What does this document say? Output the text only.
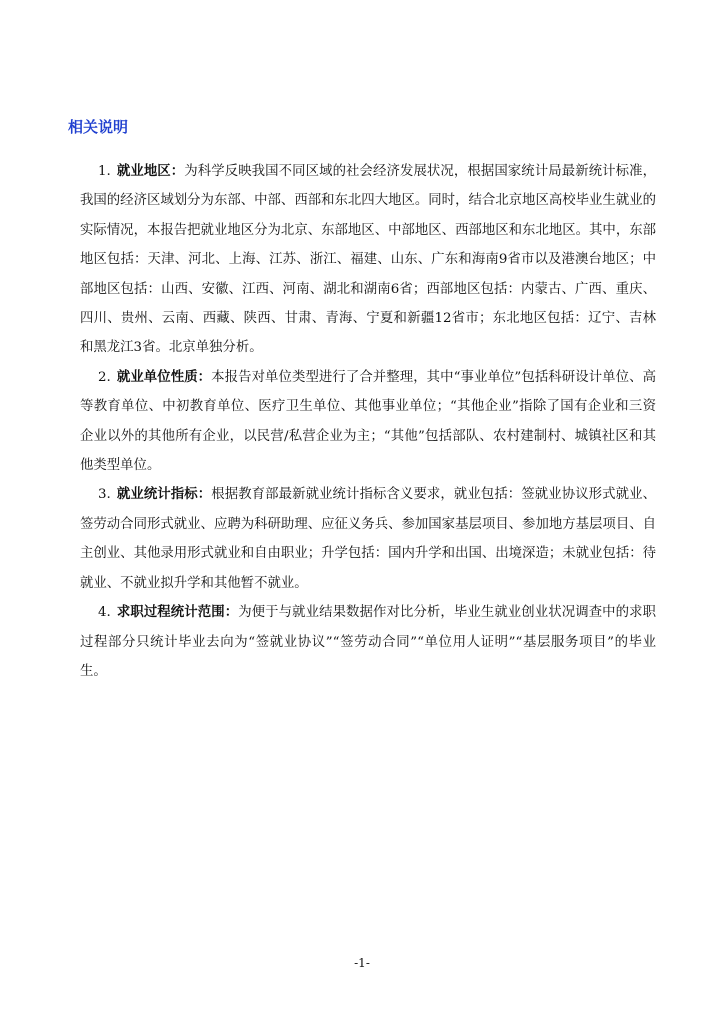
相关说明

1. 就业地区：为科学反映我国不同区域的社会经济发展状况，根据国家统计局最新统计标准，我国的经济区域划分为东部、中部、西部和东北四大地区。同时，结合北京地区高校毕业生就业的实际情况，本报告把就业地区分为北京、东部地区、中部地区、西部地区和东北地区。其中，东部地区包括：天津、河北、上海、江苏、浙江、福建、山东、广东和海南9省市以及港澳台地区；中部地区包括：山西、安徽、江西、河南、湖北和湖南6省；西部地区包括：内蒙古、广西、重庆、四川、贵州、云南、西藏、陕西、甘肃、青海、宁夏和新疆12省市；东北地区包括：辽宁、吉林和黑龙江3省。北京单独分析。

2. 就业单位性质：本报告对单位类型进行了合并整理，其中“事业单位”包括科研设计单位、高等教育单位、中初教育单位、医疗卫生单位、其他事业单位；“其他企业”指除了国有企业和三资企业以外的其他所有企业，以民营/私营企业为主；“其他”包括部队、农村建制村、城镇社区和其他类型单位。

3. 就业统计指标：根据教育部最新就业统计指标含义要求，就业包括：签就业协议形式就业、签劳动合同形式就业、应聘为科研助理、应征义务兵、参加国家基层项目、参加地方基层项目、自主创业、其他录用形式就业和自由职业；升学包括：国内升学和出国、出境深造；未就业包括：待就业、不就业拟升学和其他暂不就业。

4. 求职过程统计范围：为便于与就业结果数据作对比分析，毕业生就业创业状况调查中的求职过程部分只统计毕业去向为“签就业协议”“签劳动合同”“单位用人证明”“基层服务项目”的毕业生。

-1-
